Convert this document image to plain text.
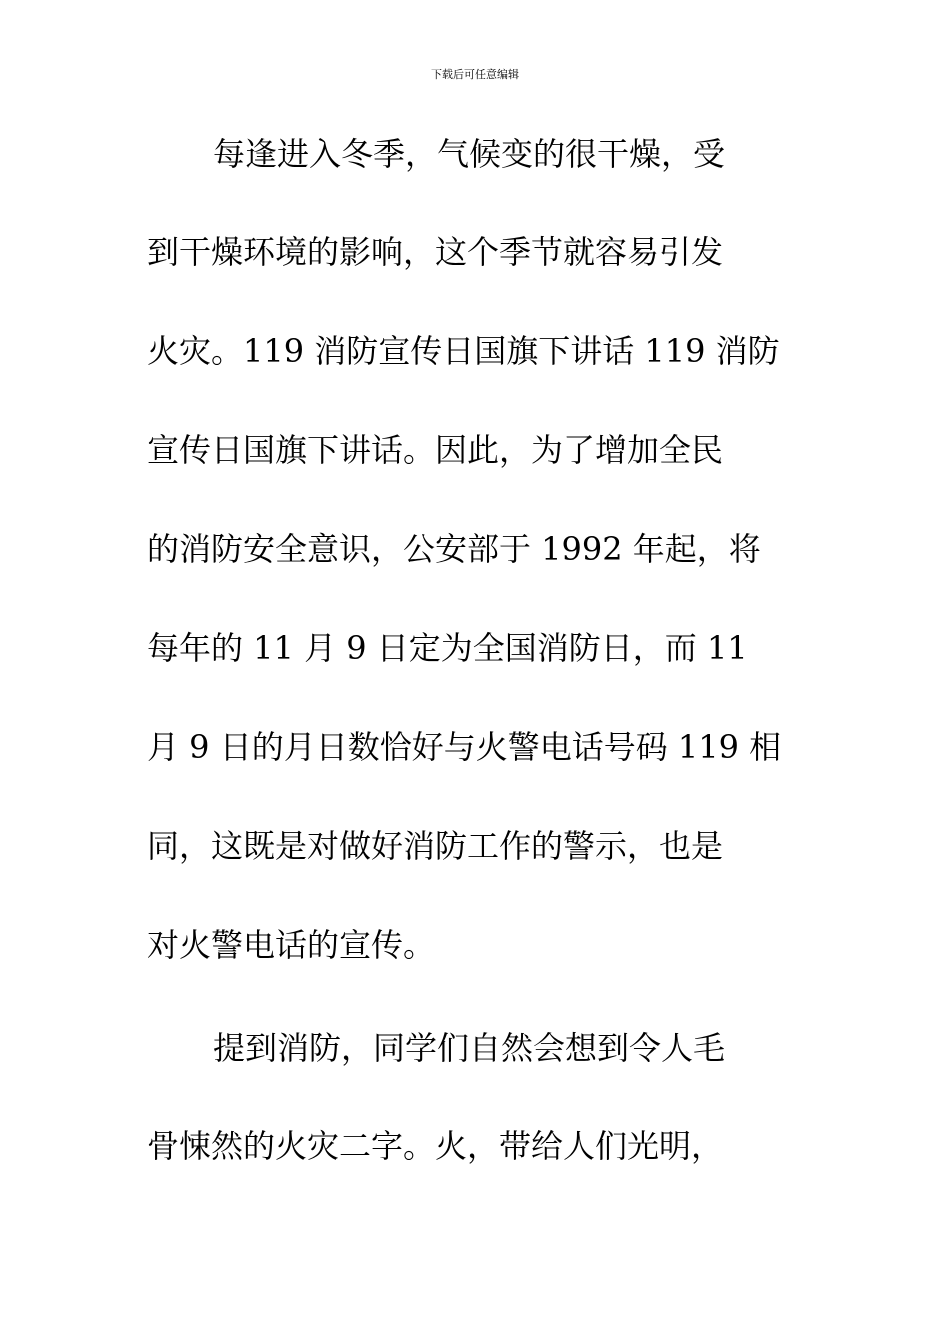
下载后可任意编辑
每逢进入冬季，气候变的很干燥，受
到干燥环境的影响，这个季节就容易引发
火灾。119 消防宣传日国旗下讲话 119 消防
宣传日国旗下讲话。因此，为了增加全民
的消防安全意识，公安部于 1992 年起，将
每年的 11 月 9 日定为全国消防日，而 11
月 9 日的月日数恰好与火警电话号码 119 相
同，这既是对做好消防工作的警示，也是
对火警电话的宣传。
提到消防，同学们自然会想到令人毛
骨悚然的火灾二字。火，带给人们光明，
